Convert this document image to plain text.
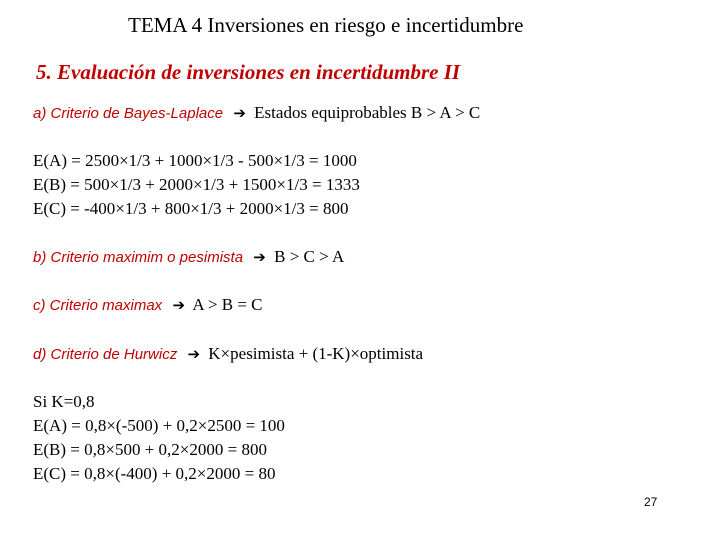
TEMA 4 Inversiones en riesgo e incertidumbre
5. Evaluación de inversiones en incertidumbre II
a) Criterio de Bayes-Laplace ➔ Estados equiprobables B > A > C
E(A) = 2500×1/3 + 1000×1/3 - 500×1/3 = 1000
E(B) = 500×1/3 + 2000×1/3 + 1500×1/3 = 1333
E(C) = -400×1/3 + 800×1/3 + 2000×1/3 = 800
b) Criterio maximim o pesimista ➔ B > C > A
c) Criterio maximax ➔ A > B = C
d) Criterio de Hurwicz ➔ K×pesimista + (1-K)×optimista
Si K=0,8
E(A) = 0,8×(-500) + 0,2×2500 = 100
E(B) = 0,8×500 + 0,2×2000 = 800
E(C) = 0,8×(-400) + 0,2×2000 = 80
27
